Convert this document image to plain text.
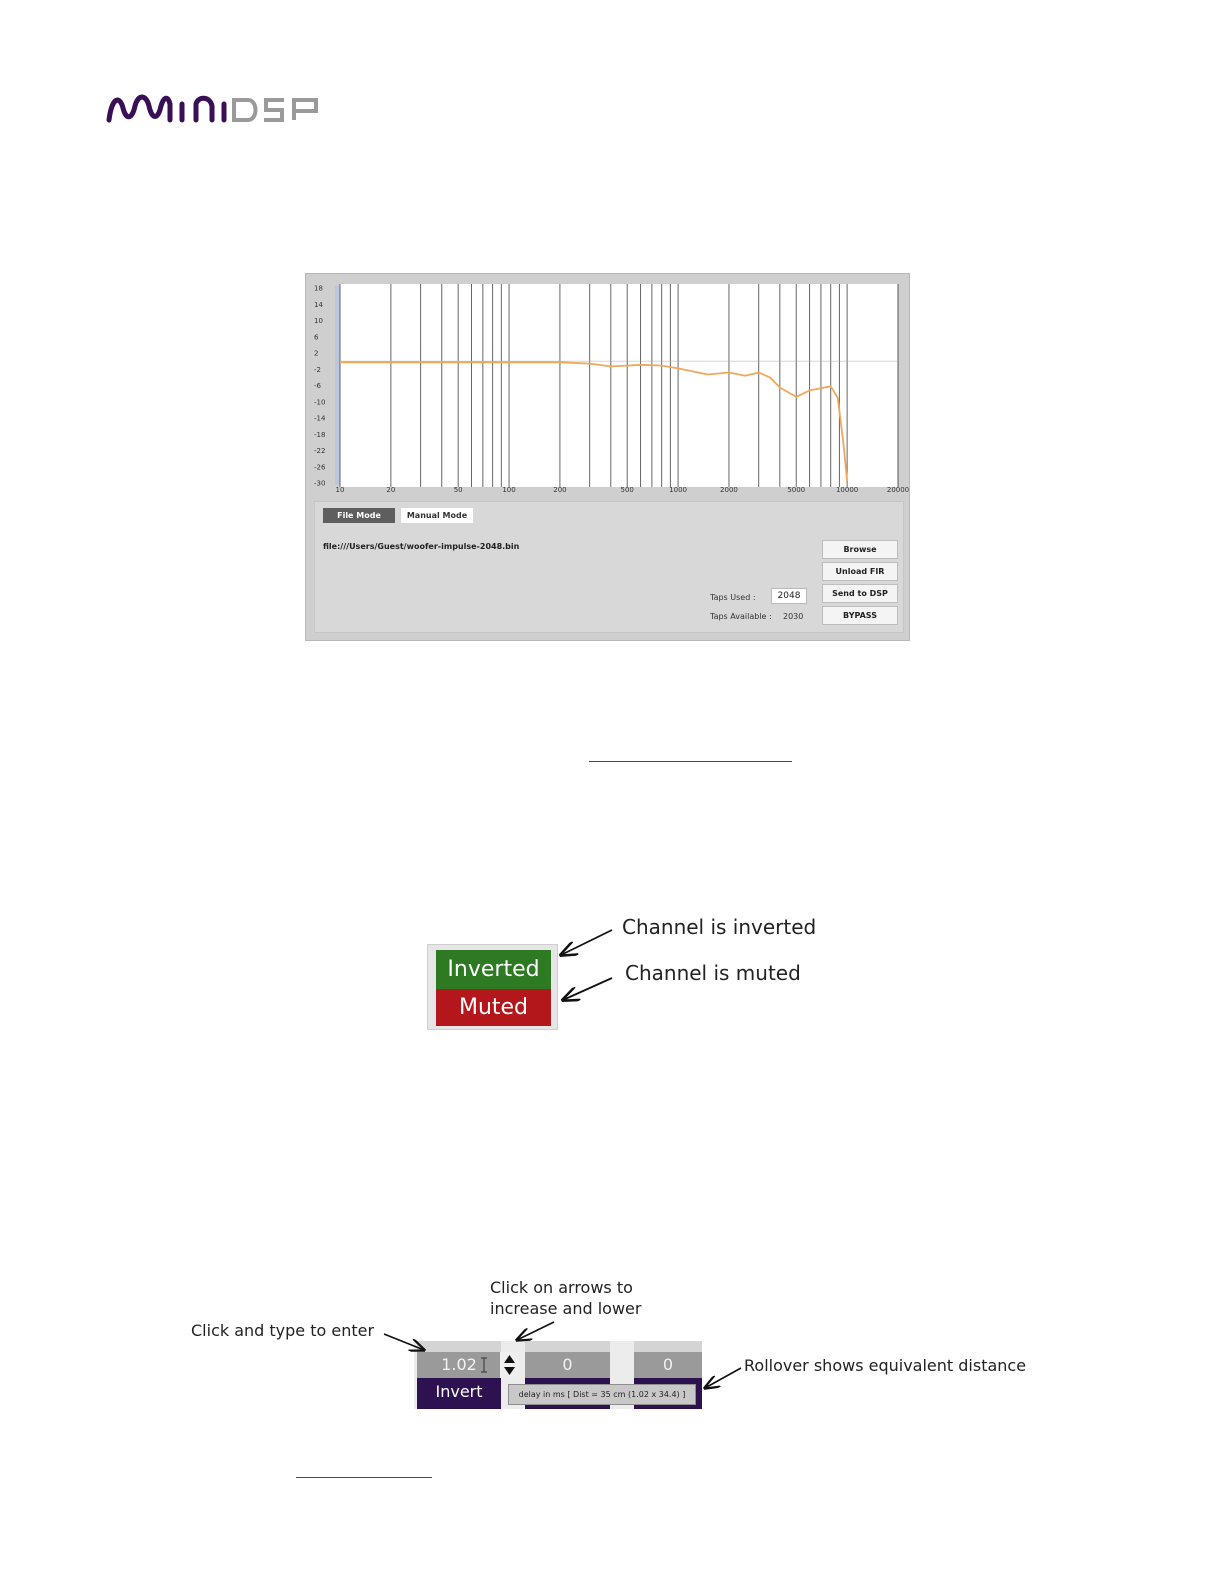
18
14
10
6
2
-2
-6
-10
-14
-18
-22
-26
-30
10	20	50	100	200	500	1000	2000	5000	10000	20000
File Mode	Manual Mode
file:///Users/Guest/woofer-impulse-2048.bin
Taps Used :	2048
Taps Available : 2030
Browse
Unload FIR
Send to DSP
BYPASS
Inverted
Muted
Channel is inverted
Channel is muted
1.02	0	0
Invert	delay in ms [ Dist = 35 cm (1.02 x 34.4) ]
Click and type to enter
Click on arrows to
increase and lower
Rollover shows equivalent distance
